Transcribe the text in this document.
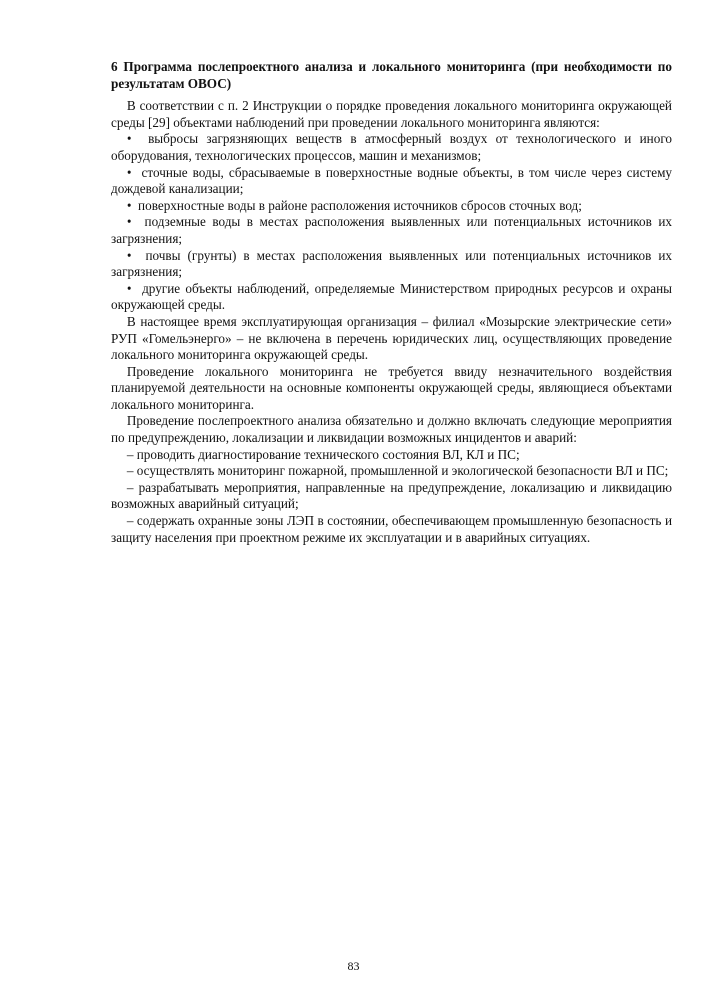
6 Программа послепроектного анализа и локального мониторинга (при необходимости по результатам ОВОС)

В соответствии с п. 2 Инструкции о порядке проведения локального мониторинга окружающей среды [29] объектами наблюдений при проведении локального мониторинга являются:

• выбросы загрязняющих веществ в атмосферный воздух от технологического и иного оборудования, технологических процессов, машин и механизмов;

• сточные воды, сбрасываемые в поверхностные водные объекты, в том числе через систему дождевой канализации;

• поверхностные воды в районе расположения источников сбросов сточных вод;

• подземные воды в местах расположения выявленных или потенциальных источников их загрязнения;

• почвы (грунты) в местах расположения выявленных или потенциальных источников их загрязнения;

• другие объекты наблюдений, определяемые Министерством природных ресурсов и охраны окружающей среды.

В настоящее время эксплуатирующая организация – филиал «Мозырские электрические сети» РУП «Гомельэнерго» – не включена в перечень юридических лиц, осуществляющих проведение локального мониторинга окружающей среды.

Проведение локального мониторинга не требуется ввиду незначительного воздействия планируемой деятельности на основные компоненты окружающей среды, являющиеся объектами локального мониторинга.

Проведение послепроектного анализа обязательно и должно включать следующие мероприятия по предупреждению, локализации и ликвидации возможных инцидентов и аварий:

– проводить диагностирование технического состояния ВЛ, КЛ и ПС;

– осуществлять мониторинг пожарной, промышленной и экологической безопасности ВЛ и ПС;

– разрабатывать мероприятия, направленные на предупреждение, локализацию и ликвидацию возможных аварийный ситуаций;

– содержать охранные зоны ЛЭП в состоянии, обеспечивающем промышленную безопасность и защиту населения при проектном режиме их эксплуатации и в аварийных ситуациях.

83
